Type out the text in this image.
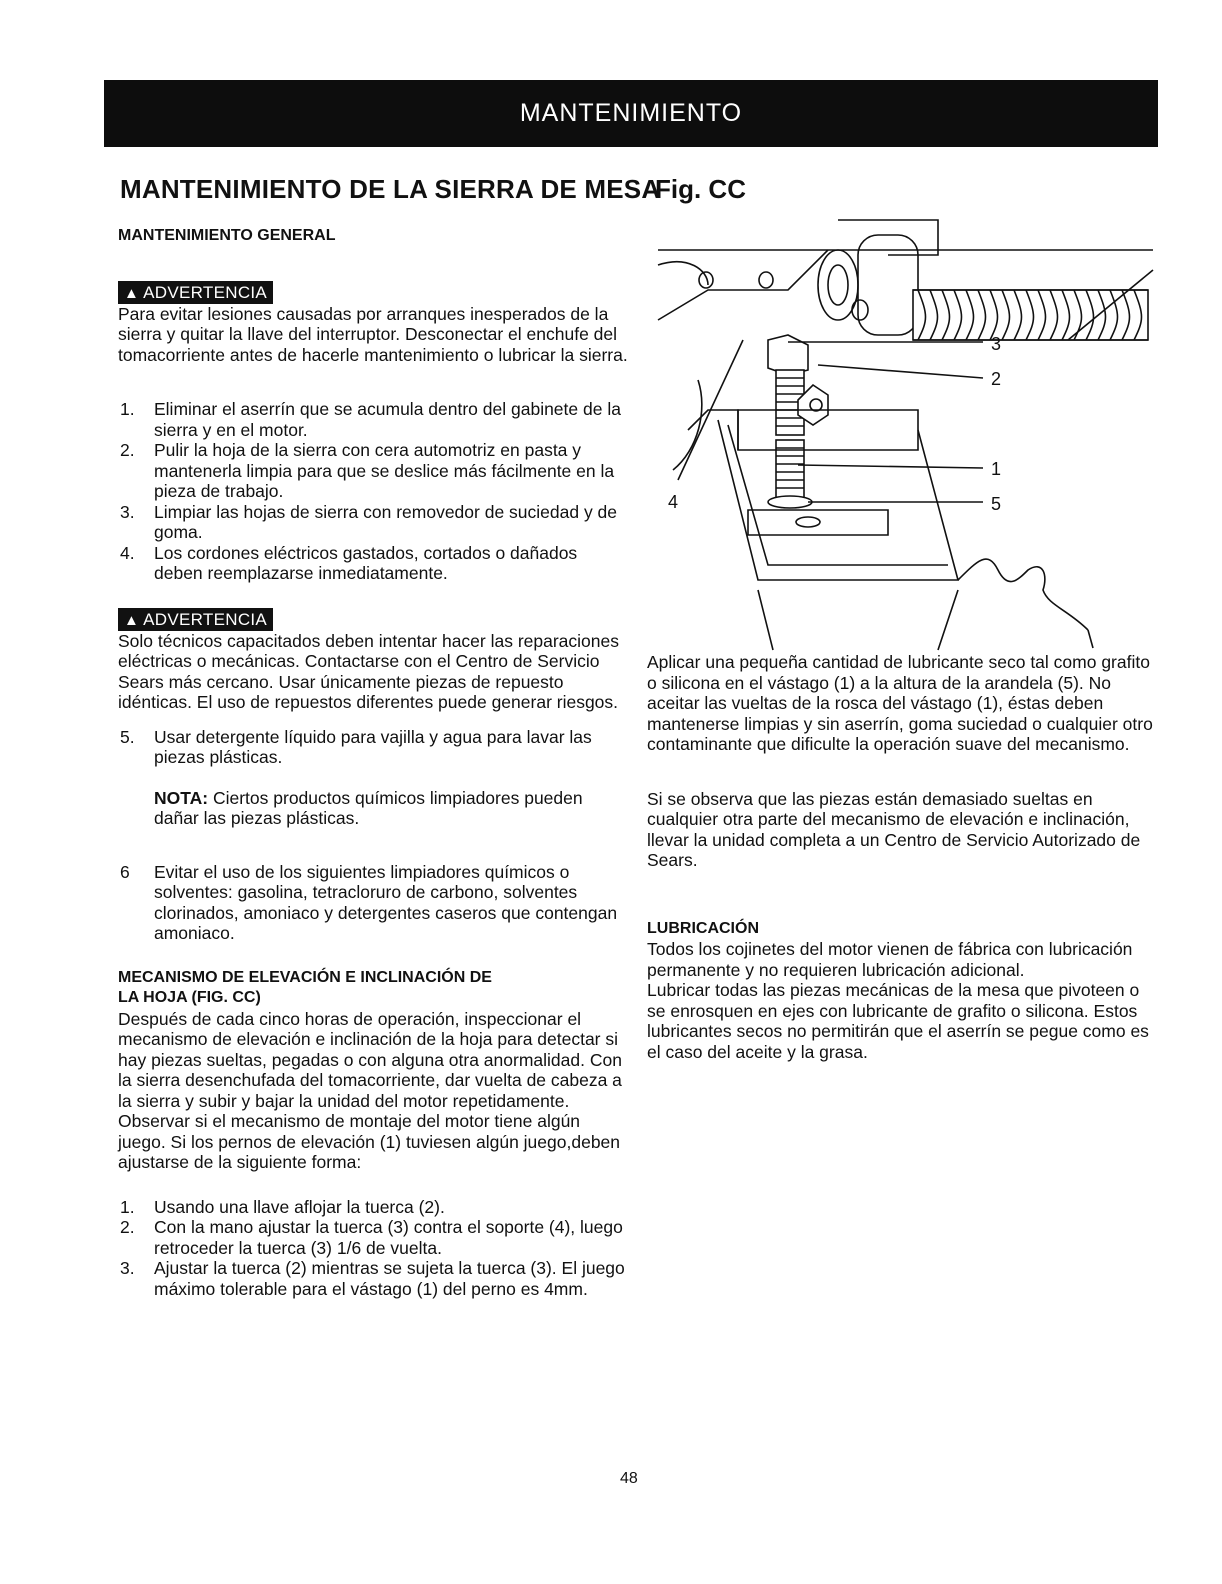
MANTENIMIENTO
MANTENIMIENTO DE LA SIERRA DE MESA
Fig. CC

MANTENIMIENTO GENERAL

▲ ADVERTENCIA

Para evitar lesiones causadas por arranques inesperados de la sierra y quitar la llave del interruptor. Desconectar el enchufe del tomacorriente antes de hacerle mantenimiento o lubricar la sierra.

1. Eliminar el aserrín que se acumula dentro del gabinete de la sierra y en el motor.
2. Pulir la hoja de la sierra con cera automotriz en pasta y mantenerla limpia para que se deslice más fácilmente en la pieza de trabajo.
3. Limpiar las hojas de sierra con removedor de suciedad y de goma.
4. Los cordones eléctricos gastados, cortados o dañados deben reemplazarse inmediatamente.
▲ ADVERTENCIA

Solo técnicos capacitados deben intentar hacer las reparaciones eléctricas o mecánicas. Contactarse con el Centro de Servicio Sears más cercano. Usar únicamente piezas de repuesto idénticas. El uso de repuestos diferentes puede generar riesgos.

5. Usar detergente líquido para vajilla y agua para lavar las piezas plásticas.

NOTA: Ciertos productos químicos limpiadores pueden dañar las piezas plásticas.

6 Evitar el uso de los siguientes limpiadores químicos o solventes: gasolina, tetracloruro de carbono, solventes clorinados, amoniaco y detergentes caseros que contengan amoniaco.

MECANISMO DE ELEVACIÓN E INCLINACIÓN DE
LA HOJA (FIG. CC)

Después de cada cinco horas de operación, inspeccionar el mecanismo de elevación e inclinación de la hoja para detectar si hay piezas sueltas, pegadas o con alguna otra anormalidad. Con la sierra desenchufada del tomacorriente, dar vuelta de cabeza a la sierra y subir y bajar la unidad del motor repetidamente. Observar si el mecanismo de montaje del motor tiene algún juego. Si los pernos de elevación (1) tuviesen algún juego,deben ajustarse de la siguiente forma:

1. Usando una llave aflojar la tuerca (2).
2. Con la mano ajustar la tuerca (3) contra el soporte (4), luego retroceder la tuerca (3) 1/6 de vuelta.
3. Ajustar la tuerca (2) mientras se sujeta la tuerca (3). El juego máximo tolerable para el vástago (1) del perno es 4mm.
3
2
1
5
4

Aplicar una pequeña cantidad de lubricante seco tal como grafito o silicona en el vástago (1) a la altura de la arandela (5). No aceitar las vueltas de la rosca del vástago (1), éstas deben mantenerse limpias y sin aserrín, goma suciedad o cualquier otro contaminante que dificulte la operación suave del mecanismo.

Si se observa que las piezas están demasiado sueltas en cualquier otra parte del mecanismo de elevación e inclinación, llevar la unidad completa a un Centro de Servicio Autorizado de Sears.

LUBRICACIÓN

Todos los cojinetes del motor vienen de fábrica con lubricación permanente y no requieren lubricación adicional.

Lubricar todas las piezas mecánicas de la mesa que pivoteen o se enrosquen en ejes con lubricante de grafito o silicona. Estos lubricantes secos no permitirán que el aserrín se pegue como es el caso del aceite y la grasa.

48
